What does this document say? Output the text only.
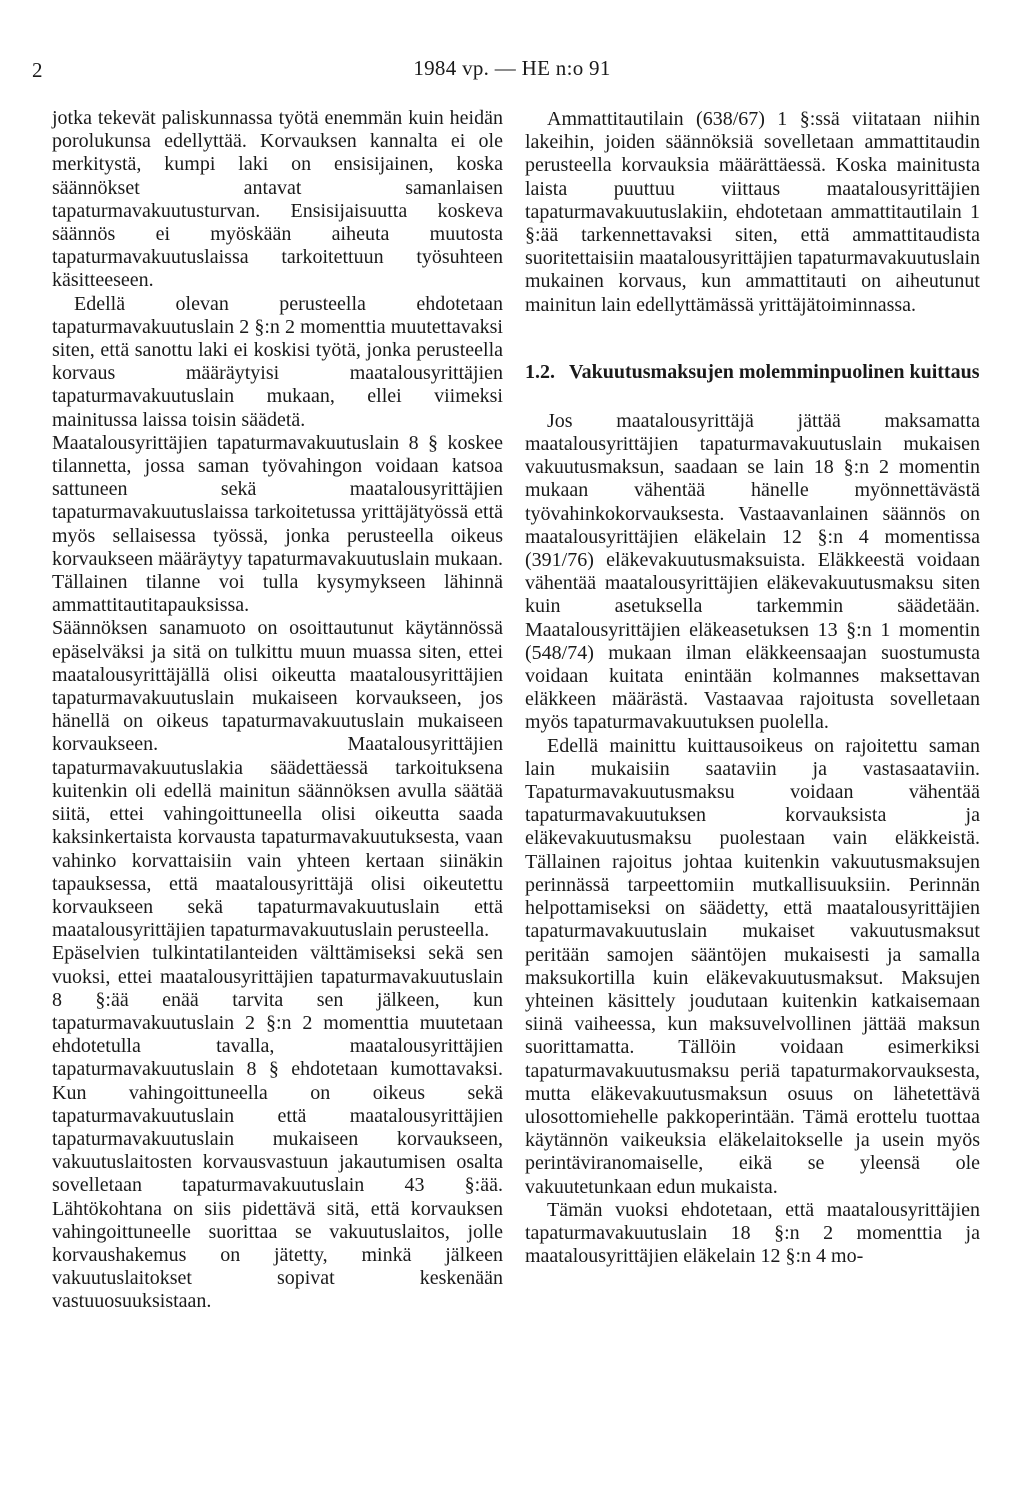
2	1984 vp. — HE n:o 91

jotka tekevät paliskunnassa työtä enemmän kuin heidän porolukunsa edellyttää. Korvauksen kannalta ei ole merkitystä, kumpi laki on ensisijainen, koska säännökset antavat samanlaisen tapaturmavakuutusturvan. Ensisijaisuutta koskeva säännös ei myöskään aiheuta muutosta tapaturmavakuutuslaissa tarkoitettuun työsuhteen käsitteeseen.

Edellä olevan perusteella ehdotetaan tapaturmavakuutuslain 2 §:n 2 momenttia muutettavaksi siten, että sanottu laki ei koskisi työtä, jonka perusteella korvaus määräytyisi maatalousyrittäjien tapaturmavakuutuslain mukaan, ellei viimeksi mainitussa laissa toisin säädetä.

Maatalousyrittäjien tapaturmavakuutuslain 8 § koskee tilannetta, jossa saman työvahingon voidaan katsoa sattuneen sekä maatalousyrittäjien tapaturmavakuutuslaissa tarkoitetussa yrittäjätyössä että myös sellaisessa työssä, jonka perusteella oikeus korvaukseen määräytyy tapaturmavakuutuslain mukaan. Tällainen tilanne voi tulla kysymykseen lähinnä ammattitautitapauksissa.

Säännöksen sanamuoto on osoittautunut käytännössä epäselväksi ja sitä on tulkittu muun muassa siten, ettei maatalousyrittäjällä olisi oikeutta maatalousyrittäjien tapaturmavakuutuslain mukaiseen korvaukseen, jos hänellä on oikeus tapaturmavakuutuslain mukaiseen korvaukseen. Maatalousyrittäjien tapaturmavakuutuslakia säädettäessä tarkoituksena kuitenkin oli edellä mainitun säännöksen avulla säätää siitä, ettei vahingoittuneella olisi oikeutta saada kaksinkertaista korvausta tapaturmavakuutuksesta, vaan vahinko korvattaisiin vain yhteen kertaan siinäkin tapauksessa, että maatalousyrittäjä olisi oikeutettu korvaukseen sekä tapaturmavakuutuslain että maatalousyrittäjien tapaturmavakuutuslain perusteella.

Epäselvien tulkintatilanteiden välttämiseksi sekä sen vuoksi, ettei maatalousyrittäjien tapaturmavakuutuslain 8 §:ää enää tarvita sen jälkeen, kun tapaturmavakuutuslain 2 §:n 2 momenttia muutetaan ehdotetulla tavalla, maatalousyrittäjien tapaturmavakuutuslain 8 § ehdotetaan kumottavaksi. Kun vahingoittuneella on oikeus sekä tapaturmavakuutuslain että maatalousyrittäjien tapaturmavakuutuslain mukaiseen korvaukseen, vakuutuslaitosten korvausvastuun jakautumisen osalta sovelletaan tapaturmavakuutuslain 43 §:ää. Lähtökohtana on siis pidettävä sitä, että korvauksen vahingoittuneelle suorittaa se vakuutuslaitos, jolle korvaushakemus on jätetty, minkä jälkeen vakuutuslaitokset sopivat keskenään vastuuosuuksistaan.

Ammattitautilain (638/67) 1 §:ssä viitataan niihin lakeihin, joiden säännöksiä sovelletaan ammattitaudin perusteella korvauksia määrättäessä. Koska mainitusta laista puuttuu viittaus maatalousyrittäjien tapaturmavakuutuslakiin, ehdotetaan ammattitautilain 1 §:ää tarkennettavaksi siten, että ammattitaudista suoritettaisiin maatalousyrittäjien tapaturmavakuutuslain mukainen korvaus, kun ammattitauti on aiheutunut mainitun lain edellyttämässä yrittäjätoiminnassa.

1.2. Vakuutusmaksujen molemminpuolinen kuittaus

Jos maatalousyrittäjä jättää maksamatta maatalousyrittäjien tapaturmavakuutuslain mukaisen vakuutusmaksun, saadaan se lain 18 §:n 2 momentin mukaan vähentää hänelle myönnettävästä työvahinkokorvauksesta. Vastaavanlainen säännös on maatalousyrittäjien eläkelain 12 §:n 4 momentissa (391/76) eläkevakuutusmaksuista. Eläkkeestä voidaan vähentää maatalousyrittäjien eläkevakuutusmaksu siten kuin asetuksella tarkemmin säädetään. Maatalousyrittäjien eläkeasetuksen 13 §:n 1 momentin (548/74) mukaan ilman eläkkeensaajan suostumusta voidaan kuitata enintään kolmannes maksettavan eläkkeen määrästä. Vastaavaa rajoitusta sovelletaan myös tapaturmavakuutuksen puolella.

Edellä mainittu kuittausoikeus on rajoitettu saman lain mukaisiin saataviin ja vastasaataviin. Tapaturmavakuutusmaksu voidaan vähentää tapaturmavakuutuksen korvauksista ja eläkevakuutusmaksu puolestaan vain eläkkeistä. Tällainen rajoitus johtaa kuitenkin vakuutusmaksujen perinnässä tarpeettomiin mutkallisuuksiin. Perinnän helpottamiseksi on säädetty, että maatalousyrittäjien tapaturmavakuutuslain mukaiset vakuutusmaksut peritään samojen sääntöjen mukaisesti ja samalla maksukortilla kuin eläkevakuutusmaksut. Maksujen yhteinen käsittely joudutaan kuitenkin katkaisemaan siinä vaiheessa, kun maksuvelvollinen jättää maksun suorittamatta. Tällöin voidaan esimerkiksi tapaturmavakuutusmaksu periä tapaturmakorvauksesta, mutta eläkevakuutusmaksun osuus on lähetettävä ulosottomiehelle pakkoperintään. Tämä erottelu tuottaa käytännön vaikeuksia eläkelaitokselle ja usein myös perintäviranomaiselle, eikä se yleensä ole vakuutetunkaan edun mukaista.

Tämän vuoksi ehdotetaan, että maatalousyrittäjien tapaturmavakuutuslain 18 §:n 2 momenttia ja maatalousyrittäjien eläkelain 12 §:n 4 mo-
